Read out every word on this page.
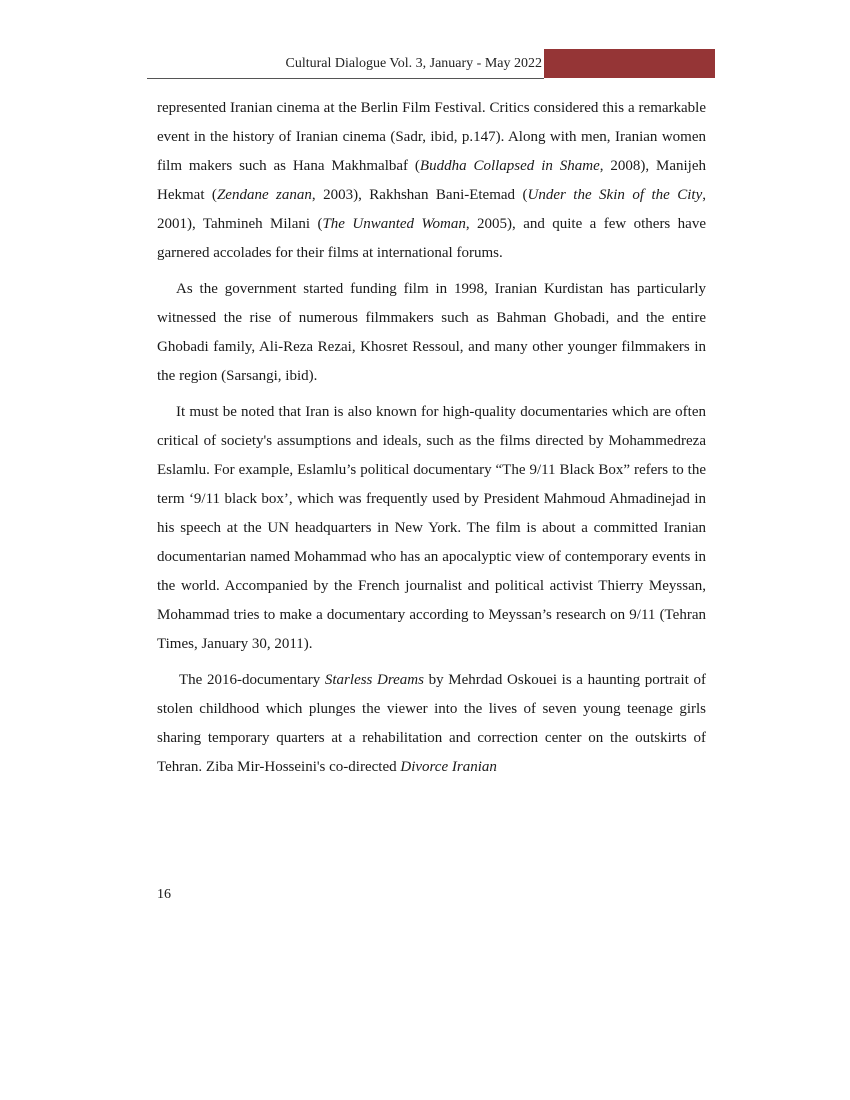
Cultural Dialogue Vol. 3, January - May 2022

represented Iranian cinema at the Berlin Film Festival. Critics considered this a remarkable event in the history of Iranian cinema (Sadr, ibid, p.147). Along with men, Iranian women film makers such as Hana Makhmalbaf (Buddha Collapsed in Shame, 2008), Manijeh Hekmat (Zendane zanan, 2003), Rakhshan Bani-Etemad (Under the Skin of the City, 2001), Tahmineh Milani (The Unwanted Woman, 2005), and quite a few others have garnered accolades for their films at international forums.

As the government started funding film in 1998, Iranian Kurdistan has particularly witnessed the rise of numerous filmmakers such as Bahman Ghobadi, and the entire Ghobadi family, Ali-Reza Rezai, Khosret Ressoul, and many other younger filmmakers in the region (Sarsangi, ibid).

It must be noted that Iran is also known for high-quality documentaries which are often critical of society's assumptions and ideals, such as the films directed by Mohammedreza Eslamlu. For example, Eslamlu’s political documentary “The 9/11 Black Box” refers to the term ‘9/11 black box’, which was frequently used by President Mahmoud Ahmadinejad in his speech at the UN headquarters in New York. The film is about a committed Iranian documentarian named Mohammad who has an apocalyptic view of contemporary events in the world. Accompanied by the French journalist and political activist Thierry Meyssan, Mohammad tries to make a documentary according to Meyssan’s research on 9/11 (Tehran Times, January 30, 2011).

The 2016-documentary Starless Dreams by Mehrdad Oskouei is a haunting portrait of stolen childhood which plunges the viewer into the lives of seven young teenage girls sharing temporary quarters at a rehabilitation and correction center on the outskirts of Tehran. Ziba Mir-Hosseini's co-directed Divorce Iranian

16
